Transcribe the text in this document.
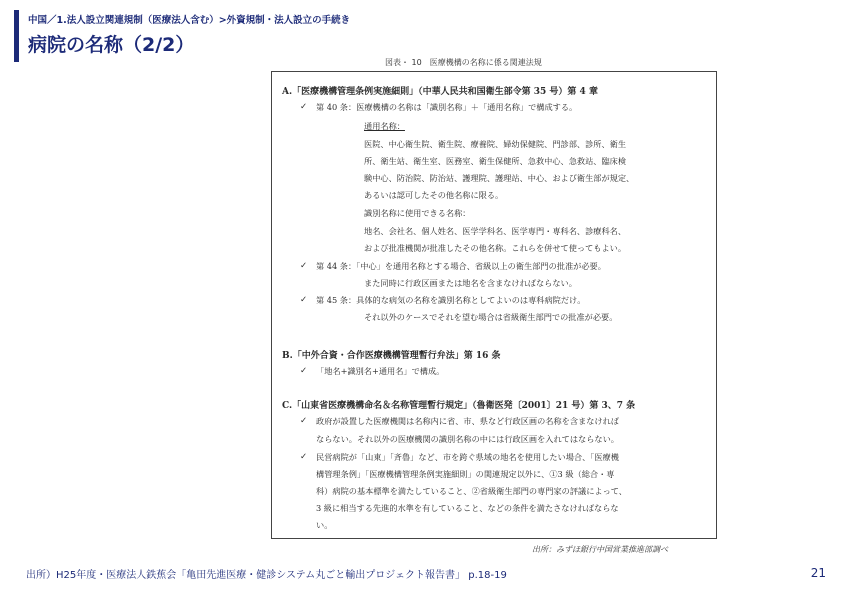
中国／1.法人設立関連規制（医療法人含む）>外資規制・法人設立の手続き
病院の名称（2/2）
図表・ 10　医療機構の名称に係る関連法規
A.「医療機構管理条例実施細則」（中華人民共和国衛生部令第 35 号）第 4 章
✓ 第 40 条：医療機構の名称は「識別名称」＋「通用名称」で構成する。
通用名称：
医院、中心衛生院、衛生院、療養院、婦幼保健院、門診部、診所、衛生
所、衛生站、衛生室、医務室、衛生保健所、急救中心、急救站、臨床検
験中心、防治院、防治站、護理院、護理站、中心、および衛生部が規定、
あるいは認可したその他名称に限る。
識別名称に使用できる名称：
地名、会社名、個人姓名、医学学科名、医学専門・専科名、診療科名、
および批准機関が批准したその他名称。これらを併せて使ってもよい。
✓ 第 44 条：「中心」を通用名称とする場合、省級以上の衛生部門の批准が必要。
また同時に行政区画または地名を含まなければならない。
✓ 第 45 条：具体的な病気の名称を識別名称としてよいのは専科病院だけ。
それ以外のケースでそれを望む場合は省級衛生部門での批准が必要。
B.「中外合資・合作医療機構管理暫行弁法」第 16 条
✓ 「地名+識別名+通用名」で構成。
C.「山東省医療機構命名＆名称管理暫行規定」（魯衛医発〔2001〕21 号）第 3、7 条
✓ 政府が設置した医療機関は名称内に省、市、県など行政区画の名称を含まなければ
ならない。それ以外の医療機関の識別名称の中には行政区画を入れてはならない。
✓ 民営病院が「山東」「斉魯」など、市を跨ぐ県域の地名を使用したい場合、「医療機
構管理条例」「医療機構管理条例実施細則」の関連規定以外に、①3 級（総合・専
科）病院の基本標準を満たしていること、②省級衛生部門の専門家の評議によって、
3 級に相当する先進的水準を有していること、などの条件を満たさなければならな
い。
出所：みずほ銀行中国営業推進部調べ
出所）H25年度・医療法人鉄蕉会「亀田先進医療・健診システム丸ごと輸出プロジェクト報告書」 p.18-19	21
